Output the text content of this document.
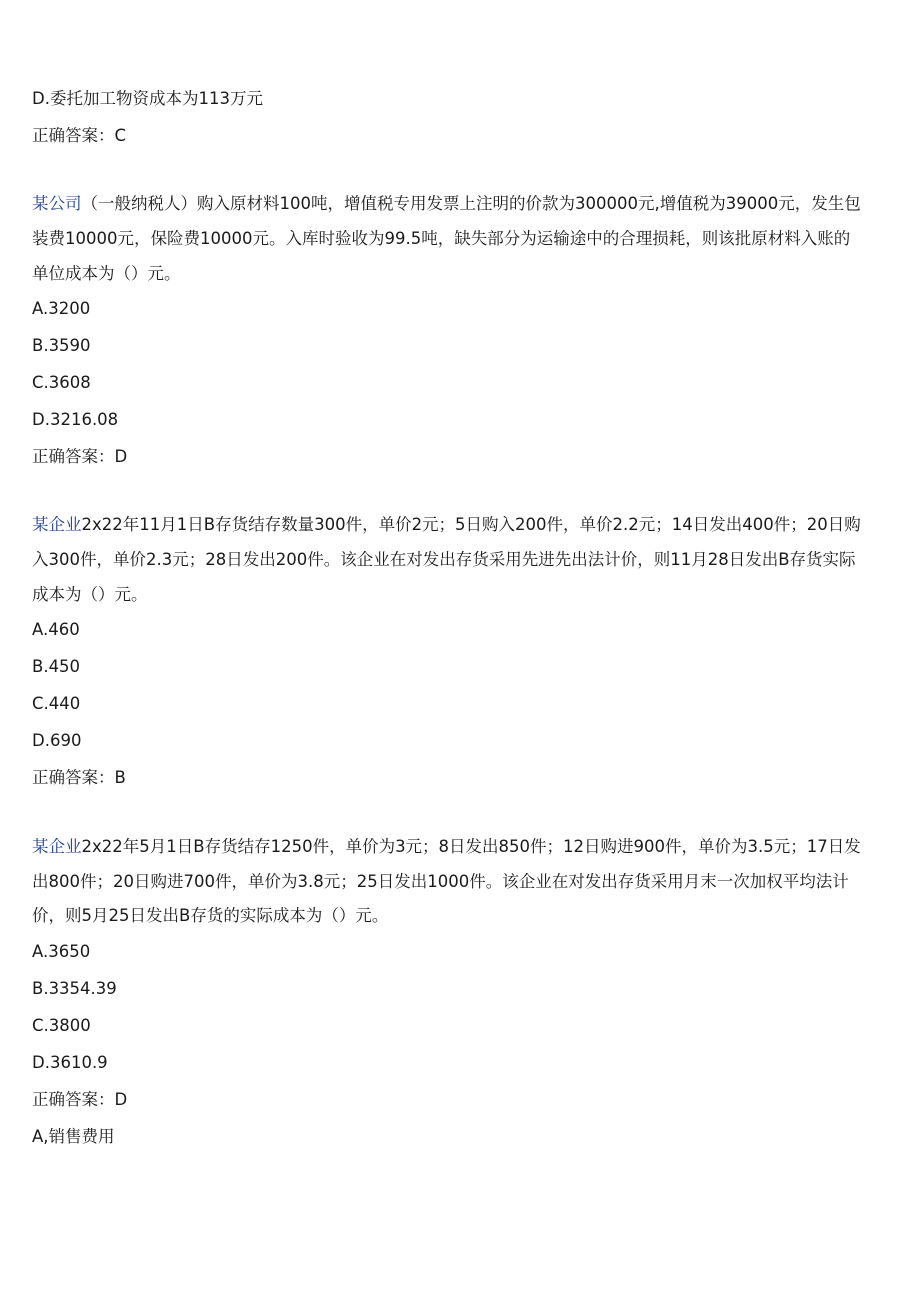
D.委托加工物资成本为113万元
正确答案：C
某公司（一般纳税人）购入原材料100吨，增值税专用发票上注明的价款为300000元,增值税为39000元，发生包
装费10000元，保险费10000元。入库时验收为99.5吨，缺失部分为运输途中的合理损耗，则该批原材料入账的
单位成本为（）元。
A.3200
B.3590
C.3608
D.3216.08
正确答案：D
某企业2x22年11月1日B存货结存数量300件，单价2元；5日购入200件，单价2.2元；14日发出400件；20日购
入300件，单价2.3元；28日发出200件。该企业在对发出存货采用先进先出法计价，则11月28日发出B存货实际
成本为（）元。
A.460
B.450
C.440
D.690
正确答案：B
某企业2x22年5月1日B存货结存1250件，单价为3元；8日发出850件；12日购进900件，单价为3.5元；17日发
出800件；20日购进700件，单价为3.8元；25日发出1000件。该企业在对发出存货采用月末一次加权平均法计
价，则5月25日发出B存货的实际成本为（）元。
A.3650
B.3354.39
C.3800
D.3610.9
正确答案：D
A,销售费用
